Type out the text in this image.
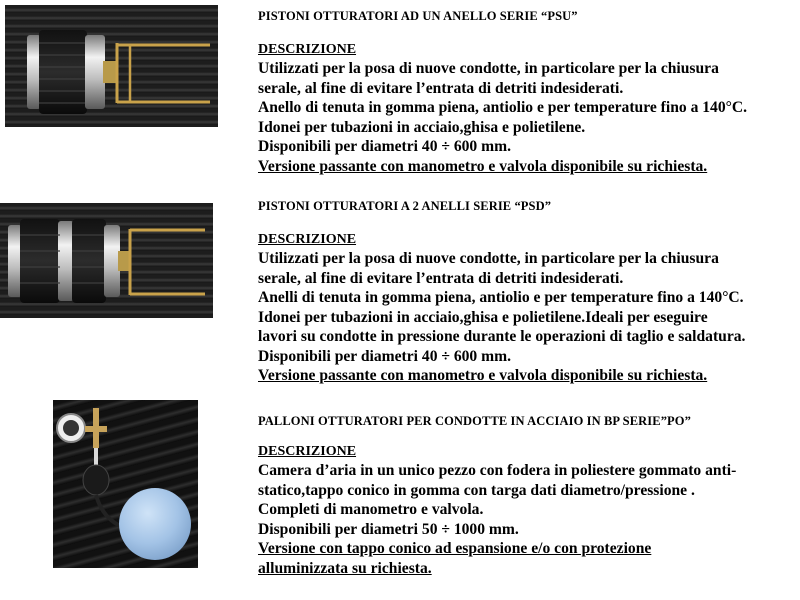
PISTONI OTTURATORI AD UN ANELLO SERIE “PSU”

DESCRIZIONE

Utilizzati per la posa di nuove condotte, in particolare per la chiusura

serale, al fine di evitare l’entrata di detriti indesiderati.

Anello di tenuta in gomma piena, antiolio e per temperature fino a 140°C.

Idonei per tubazioni in acciaio,ghisa e polietilene.

Disponibili per diametri 40 ÷ 600 mm.

Versione passante con manometro e valvola disponibile su richiesta.

PISTONI OTTURATORI A 2 ANELLI SERIE “PSD”

DESCRIZIONE

Utilizzati per la posa di nuove condotte, in particolare per la chiusura

serale, al fine di evitare l’entrata di detriti indesiderati.

Anelli di tenuta in gomma piena, antiolio e per temperature fino a 140°C.

Idonei per tubazioni in acciaio,ghisa e polietilene.Ideali per eseguire

lavori su condotte in pressione durante le operazioni di taglio e saldatura.

Disponibili per diametri 40 ÷ 600 mm.

Versione passante con manometro e valvola disponibile su richiesta.

PALLONI OTTURATORI PER CONDOTTE IN ACCIAIO IN BP SERIE”PO”

DESCRIZIONE

Camera d’aria in un unico pezzo con fodera in poliestere gommato anti-

statico,tappo conico in gomma con targa dati diametro/pressione .

Completi di manometro e valvola.

Disponibili per diametri 50 ÷ 1000 mm.

Versione con tappo conico ad espansione e/o con protezione

alluminizzata su richiesta.
